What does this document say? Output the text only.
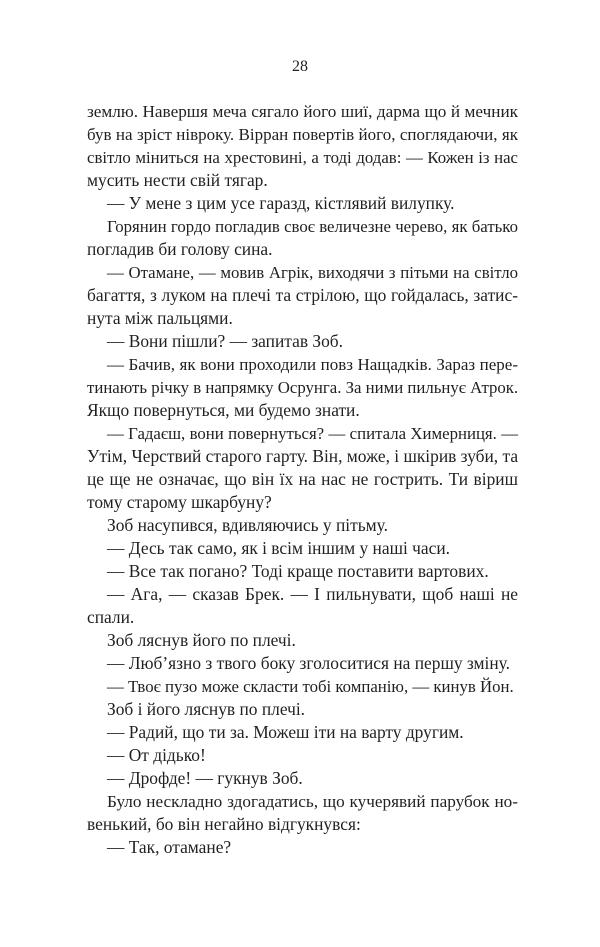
28
землю. Навершя меча сягало його шиї, дарма що й мечник
був на зріст нівроку. Вірран повертів його, споглядаючи, як
світло міниться на хрестовині, а тоді додав: — Кожен із нас
мусить нести свій тягар.
— У мене з цим усе гаразд, кістлявий вилупку.
Горянин гордо погладив своє величезне черево, як батько
погладив би голову сина.
— Отамане, — мовив Агрік, виходячи з пітьми на світло
багаття, з луком на плечі та стрілою, що гойдалась, затис-
нута між пальцями.
— Вони пішли? — запитав Зоб.
— Бачив, як вони проходили повз Нащадків. Зараз пере-
тинають річку в напрямку Осрунга. За ними пильнує Атрок.
Якщо повернуться, ми будемо знати.
— Гадаєш, вони повернуться? — спитала Химерниця. —
Утім, Черствий старого гарту. Він, може, і шкірив зуби, та
це ще не означає, що він їх на нас не гострить. Ти віриш
тому старому шкарбуну?
Зоб насупився, вдивляючись у пітьму.
— Десь так само, як і всім іншим у наші часи.
— Все так погано? Тоді краще поставити вартових.
— Ага, — сказав Брек. — І пильнувати, щоб наші не
спали.
Зоб ляснув його по плечі.
— Люб’язно з твого боку зголоситися на першу зміну.
— Твоє пузо може скласти тобі компанію, — кинув Йон.
Зоб і його ляснув по плечі.
— Радий, що ти за. Можеш іти на варту другим.
— От дідько!
— Дрофде! — гукнув Зоб.
Було нескладно здогадатись, що кучерявий парубок но-
венький, бо він негайно відгукнувся:
— Так, отамане?
